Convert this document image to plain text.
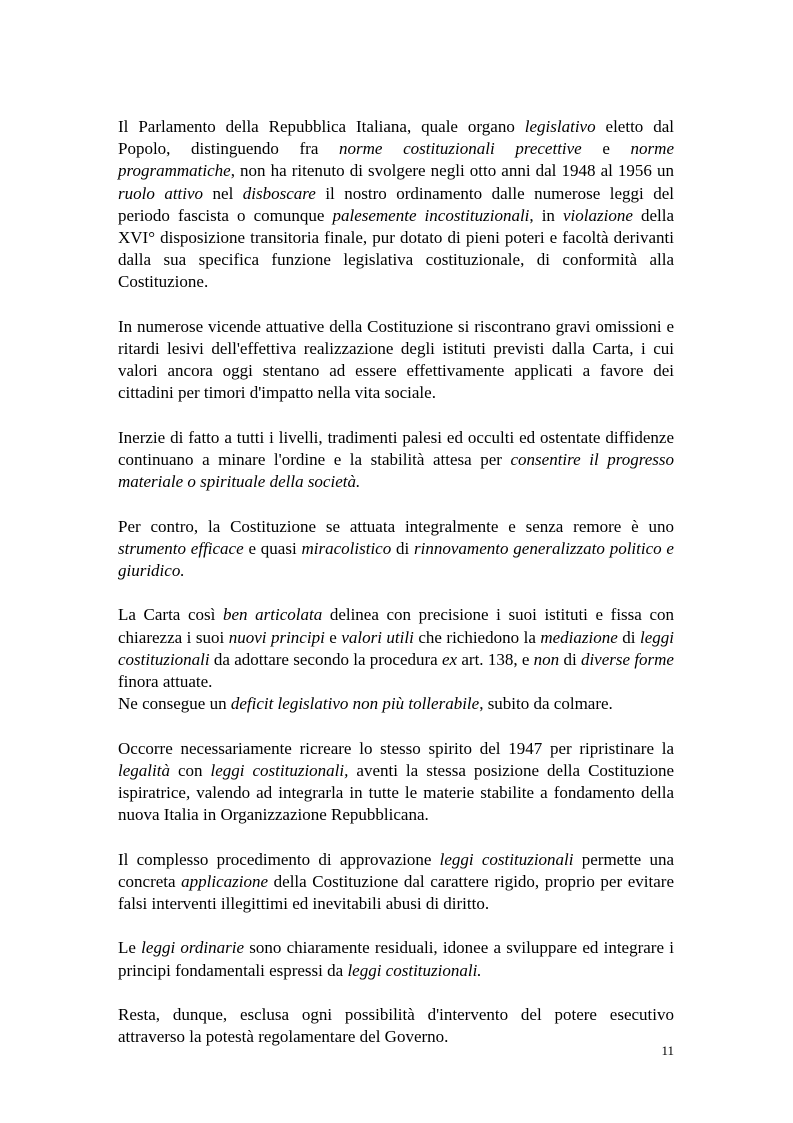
Il Parlamento della Repubblica Italiana, quale organo legislativo eletto dal Popolo, distinguendo fra norme costituzionali precettive e norme programmatiche, non ha ritenuto di svolgere negli otto anni dal 1948 al 1956 un ruolo attivo nel disboscare il nostro ordinamento dalle numerose leggi del periodo fascista o comunque palesemente incostituzionali, in violazione della XVI° disposizione transitoria finale, pur dotato di pieni poteri e facoltà derivanti dalla sua specifica funzione legislativa costituzionale, di conformità alla Costituzione.

In numerose vicende attuative della Costituzione si riscontrano gravi omissioni e ritardi lesivi dell'effettiva realizzazione degli istituti previsti dalla Carta, i cui valori ancora oggi stentano ad essere effettivamente applicati a favore dei cittadini per timori d'impatto nella vita sociale.

Inerzie di fatto a tutti i livelli, tradimenti palesi ed occulti ed ostentate diffidenze continuano a minare l'ordine e la stabilità attesa per consentire il progresso materiale o spirituale della società.

Per contro, la Costituzione se attuata integralmente e senza remore è uno strumento efficace e quasi miracolistico di rinnovamento generalizzato politico e giuridico.

La Carta così ben articolata delinea con precisione i suoi istituti e fissa con chiarezza i suoi nuovi principi e valori utili che richiedono la mediazione di leggi costituzionali da adottare secondo la procedura ex art. 138, e non di diverse forme finora attuate.
Ne consegue un deficit legislativo non più tollerabile, subito da colmare.

Occorre necessariamente ricreare lo stesso spirito del 1947 per ripristinare la legalità con leggi costituzionali, aventi la stessa posizione della Costituzione ispiratrice, valendo ad integrarla in tutte le materie stabilite a fondamento della nuova Italia in Organizzazione Repubblicana.

Il complesso procedimento di approvazione leggi costituzionali permette una concreta applicazione della Costituzione dal carattere rigido, proprio per evitare falsi interventi illegittimi ed inevitabili abusi di diritto.

Le leggi ordinarie sono chiaramente residuali, idonee a sviluppare ed integrare i principi fondamentali espressi da leggi costituzionali.

Resta, dunque, esclusa ogni possibilità d'intervento del potere esecutivo attraverso la potestà regolamentare del Governo.

11
